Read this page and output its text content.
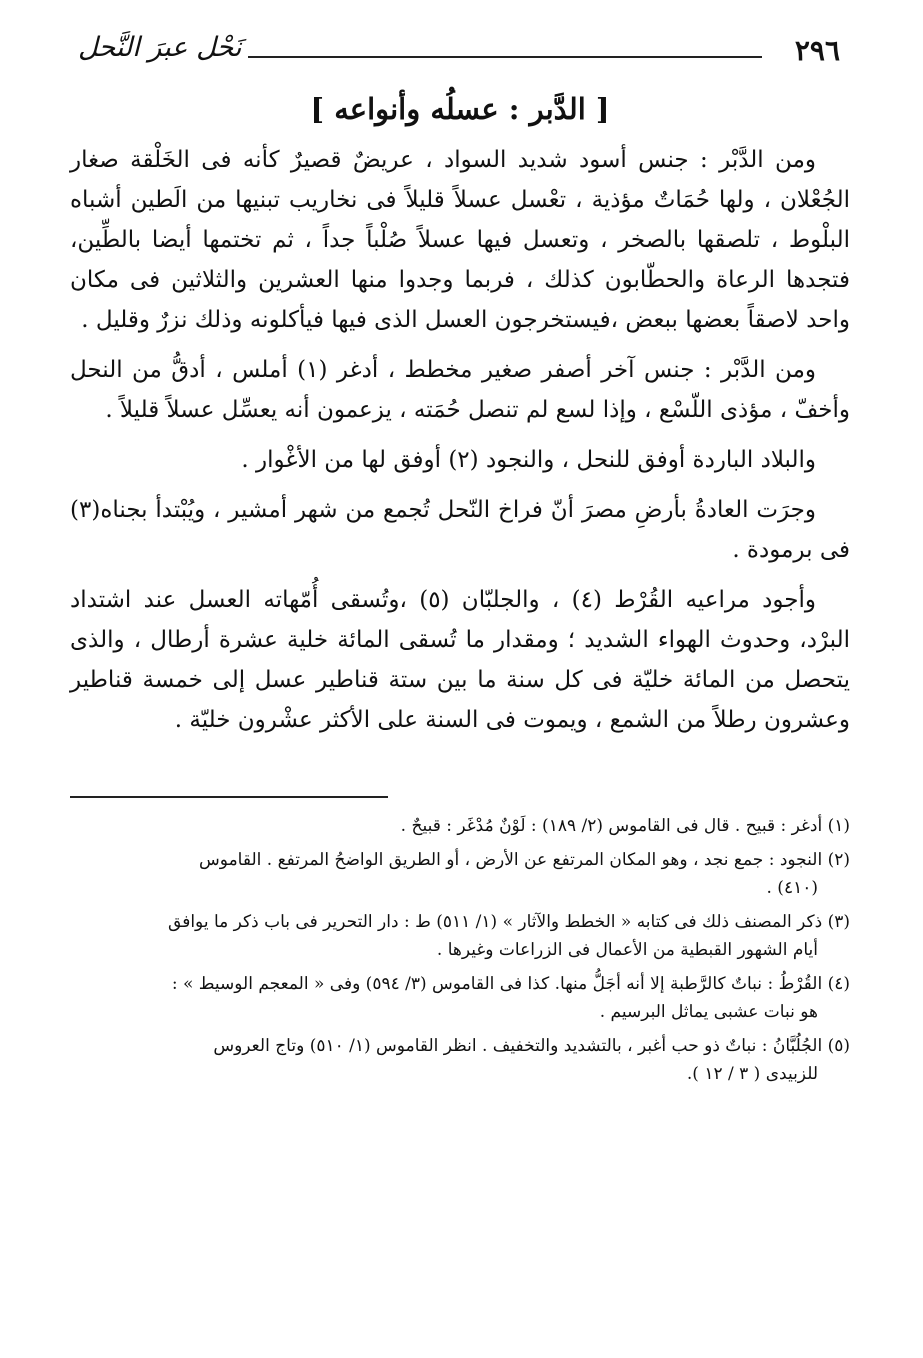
٢٩٦
نَحْل عبرَ النَّحل
[ الدَّبر : عسلُه وأنواعه ]

ومن الدَّبْر : جنس أسود شديد السواد ، عريضٌ قصيرٌ كأنه فى الخَلْقة صغار الجُعْلان ، ولها حُمَاتٌ مؤذية ، تعْسل عسلاً قليلاً فى نخاريب تبنيها من الَطين أشباه البلْوط ، تلصقها بالصخر ، وتعسل فيها عسلاً صُلْباً جداً ، ثم تختمها أيضا بالطِّين، فتجدها الرعاة والحطّابون كذلك ، فربما وجدوا منها العشرين والثلاثين فى مكان واحد لاصقاً بعضها ببعض ،فيستخرجون العسل الذى فيها فيأكلونه وذلك نزرٌ وقليل .

ومن الدَّبْر : جنس آخر أصفر صغير مخطط ، أدغر (١) أملس ، أدقُّ من النحل وأخفّ ، مؤذى اللّسْع ، وإذا لسع لم تنصل حُمَته ، يزعمون أنه يعسِّل عسلاً قليلاً .

والبلاد الباردة أوفق للنحل ، والنجود (٢) أوفق لها من الأغْوار .

وجرَت العادةُ بأرضِ مصرَ أنّ فراخ النّحل تُجمع من شهر أمشير ، ويُبْتدأ بجناه(٣) فى برمودة .

وأجود مراعيه القُرْط (٤) ، والجلبّان (٥) ،وتُسقى أُمّهاته العسل عند اشتداد البرْد، وحدوث الهواء الشديد ؛ ومقدار ما تُسقى المائة خلية عشرة أرطال ، والذى يتحصل من المائة خليّة فى كل سنة ما بين ستة قناطير عسل إلى خمسة قناطير وعشرون رطلاً من الشمع ، ويموت فى السنة على الأكثر عشْرون خليّة .

(١) أدغر : قبيح . قال فى القاموس (٢/ ١٨٩) : لَوْنٌ مُدْغَر : قبيحٌ .
(٢) النجود : جمع نجد ، وهو المكان المرتفع عن الأرض ، أو الطريق الواضحُ المرتفع . القاموس
(٤١٠) .
(٣) ذكر المصنف ذلك فى كتابه « الخطط والآثار » (١/ ٥١١) ط : دار التحرير فى باب ذكر ما يوافق
أيام الشهور القبطية من الأعمال فى الزراعات وغيرها .
(٤) القُرْطُ : نباتٌ كالرَّطبة إلا أنه أجَلُّ منها. كذا فى القاموس (٣/ ٥٩٤) وفى « المعجم الوسيط » :
هو نبات عشبى يماثل البرسيم .
(٥) الجُلُبَّانُ : نباتٌ ذو حب أغبر ، بالتشديد والتخفيف . انظر القاموس (١/ ٥١٠) وتاج العروس
للزبيدى ( ٣ / ١٢ ).
